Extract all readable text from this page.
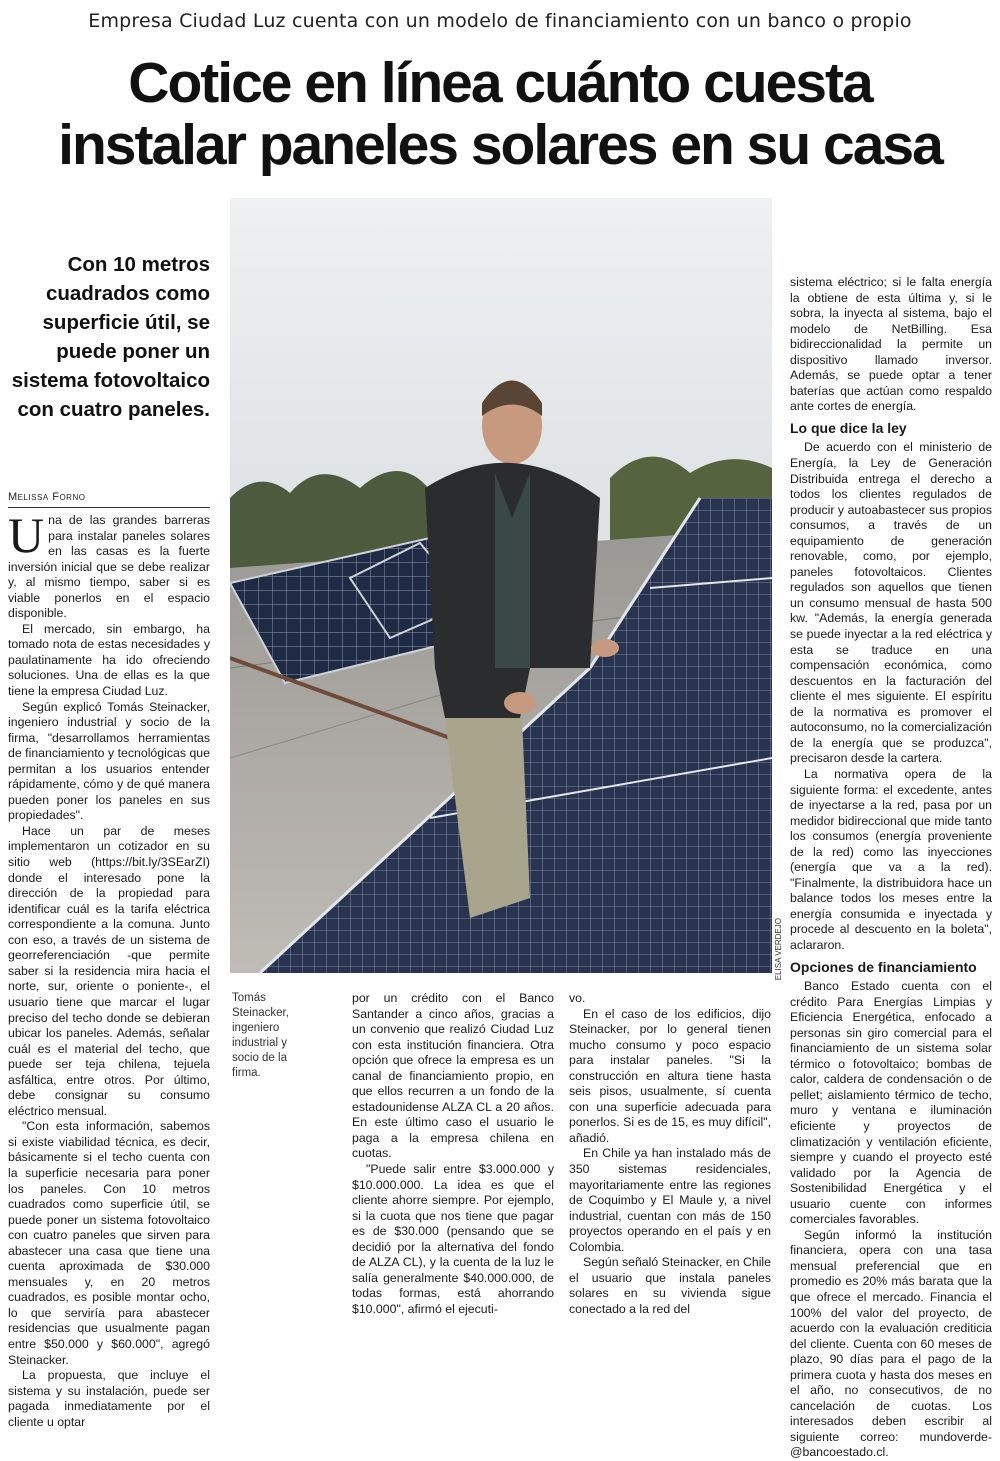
Empresa Ciudad Luz cuenta con un modelo de financiamiento con un banco o propio
Cotice en línea cuánto cuesta
instalar paneles solares en su casa
ELISA VERDEJO
Con 10 metros cuadrados como superficie útil, se puede poner un sistema fotovoltaico con cuatro paneles.
Melissa Forno

Una de las grandes barreras para instalar paneles solares en las casas es la fuerte inversión inicial que se debe realizar y, al mismo tiempo, saber si es viable ponerlos en el espacio disponible.

El mercado, sin embargo, ha tomado nota de estas necesidades y paulatinamente ha ido ofreciendo soluciones. Una de ellas es la que tiene la empresa Ciudad Luz.

Según explicó Tomás Steinacker, ingeniero industrial y socio de la firma, "desarrollamos herramientas de financiamiento y tecnológicas que permitan a los usuarios entender rápidamente, cómo y de qué manera pueden poner los paneles en sus propiedades".

Hace un par de meses implementaron un cotizador en su sitio web (https://bit.ly/3SEarZI) donde el interesado pone la dirección de la propiedad para identificar cuál es la tarifa eléctrica correspondiente a la comuna. Junto con eso, a través de un sistema de georreferenciación -que permite saber si la residencia mira hacia el norte, sur, oriente o poniente-, el usuario tiene que marcar el lugar preciso del techo donde se debieran ubicar los paneles. Además, señalar cuál es el material del techo, que puede ser teja chilena, tejuela asfáltica, entre otros. Por último, debe consignar su consumo eléctrico mensual.

"Con esta información, sabemos si existe viabilidad técnica, es decir, básicamente si el techo cuenta con la superficie necesaria para poner los paneles. Con 10 metros cuadrados como superficie útil, se puede poner un sistema fotovoltaico con cuatro paneles que sirven para abastecer una casa que tiene una cuenta aproximada de $30.000 mensuales y, en 20 metros cuadrados, es posible montar ocho, lo que serviría para abastecer residencias que usualmente pagan entre $50.000 y $60.000", agregó Steinacker.

La propuesta, que incluye el sistema y su instalación, puede ser pagada inmediatamente por el cliente u optar

Tomás Steinacker, ingeniero industrial y socio de la firma.

por un crédito con el Banco Santander a cinco años, gracias a un convenio que realizó Ciudad Luz con esta institución financiera. Otra opción que ofrece la empresa es un canal de financiamiento propio, en que ellos recurren a un fondo de la estadounidense ALZA CL a 20 años. En este último caso el usuario le paga a la empresa chilena en cuotas.

"Puede salir entre $3.000.000 y $10.000.000. La idea es que el cliente ahorre siempre. Por ejemplo, si la cuota que nos tiene que pagar es de $30.000 (pensando que se decidió por la alternativa del fondo de ALZA CL), y la cuenta de la luz le salía generalmente $40.000.000, de todas formas, está ahorrando $10.000", afirmó el ejecuti-

vo.

En el caso de los edificios, dijo Steinacker, por lo general tienen mucho consumo y poco espacio para instalar paneles. "Si la construcción en altura tiene hasta seis pisos, usualmente, sí cuenta con una superficie adecuada para ponerlos. Si es de 15, es muy difícil", añadió.

En Chile ya han instalado más de 350 sistemas residenciales, mayoritariamente entre las regiones de Coquimbo y El Maule y, a nivel industrial, cuentan con más de 150 proyectos operando en el país y en Colombia.

Según señaló Steinacker, en Chile el usuario que instala paneles solares en su vivienda sigue conectado a la red del

sistema eléctrico; si le falta energía la obtiene de esta última y, si le sobra, la inyecta al sistema, bajo el modelo de NetBilling. Esa bidireccionalidad la permite un dispositivo llamado inversor. Además, se puede optar a tener baterías que actúan como respaldo ante cortes de energía.

Lo que dice la ley

De acuerdo con el ministerio de Energía, la Ley de Generación Distribuida entrega el derecho a todos los clientes regulados de producir y autoabastecer sus propios consumos, a través de un equipamiento de generación renovable, como, por ejemplo, paneles fotovoltaicos. Clientes regulados son aquellos que tienen un consumo mensual de hasta 500 kw. "Además, la energía generada se puede inyectar a la red eléctrica y esta se traduce en una compensación económica, como descuentos en la facturación del cliente el mes siguiente. El espíritu de la normativa es promover el autoconsumo, no la comercialización de la energía que se produzca", precisaron desde la cartera.

La normativa opera de la siguiente forma: el excedente, antes de inyectarse a la red, pasa por un medidor bidireccional que mide tanto los consumos (energía proveniente de la red) como las inyecciones (energía que va a la red). "Finalmente, la distribuidora hace un balance todos los meses entre la energía consumida e inyectada y procede al descuento en la boleta", aclararon.

Opciones de financiamiento

Banco Estado cuenta con el crédito Para Energías Limpias y Eficiencia Energética, enfocado a personas sin giro comercial para el financiamiento de un sistema solar térmico o fotovoltaico; bombas de calor, caldera de condensación o de pellet; aislamiento térmico de techo, muro y ventana e iluminación eficiente y proyectos de climatización y ventilación eficiente, siempre y cuando el proyecto esté validado por la Agencia de Sostenibilidad Energética y el usuario cuente con informes comerciales favorables.

Según informó la institución financiera, opera con una tasa mensual preferencial que en promedio es 20% más barata que la que ofrece el mercado. Financia el 100% del valor del proyecto, de acuerdo con la evaluación crediticia del cliente. Cuenta con 60 meses de plazo, 90 días para el pago de la primera cuota y hasta dos meses en el año, no consecutivos, de no cancelación de cuotas. Los interesados deben escribir al siguiente correo: mundoverde-@bancoestado.cl.
